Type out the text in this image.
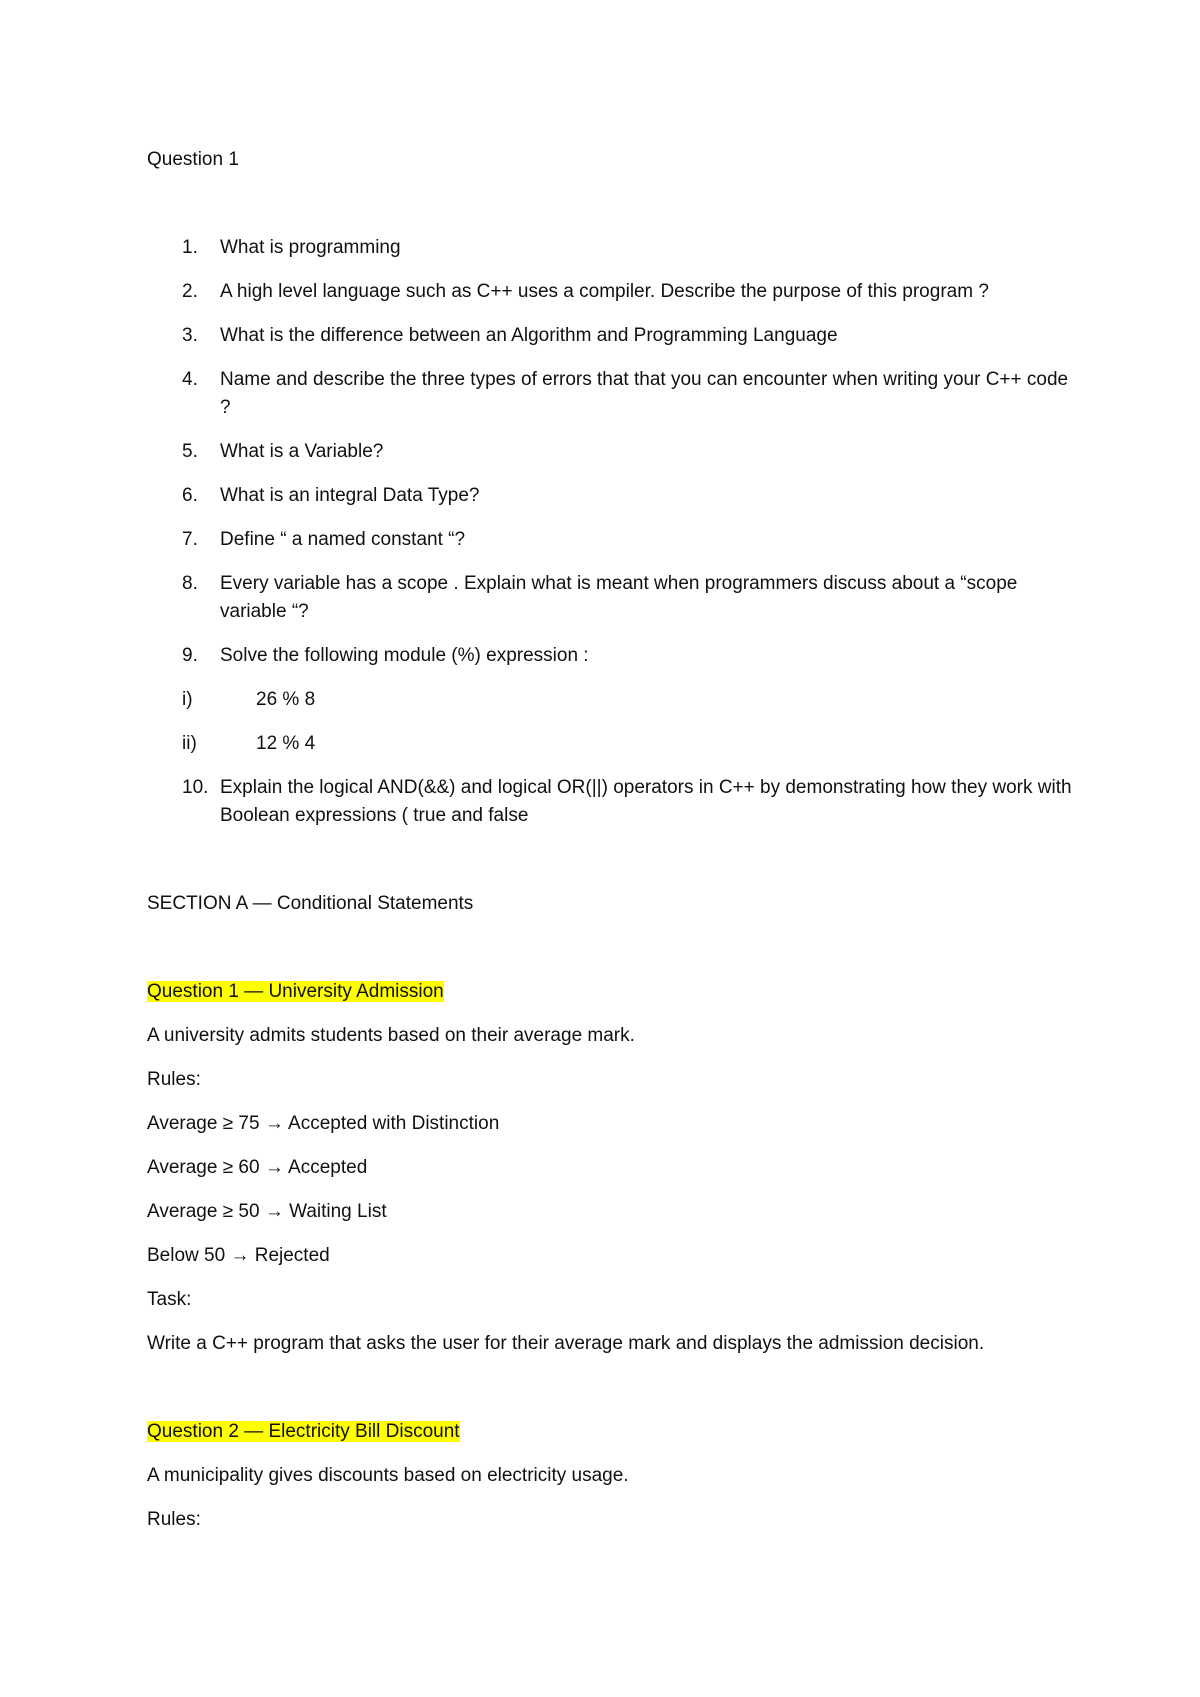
Question 1
1. What is programming
2. A high level language such as C++ uses a compiler. Describe the purpose of this program ?
3. What is the difference between an Algorithm and Programming Language
4. Name and describe the three types of errors that that you can encounter when writing your C++ code ?
5. What is a Variable?
6. What is an integral Data Type?
7. Define “ a named constant “?
8. Every variable has a scope . Explain what is meant when programmers discuss about a “scope variable “?
9. Solve the following module (%) expression :
i)	26 % 8
ii)	12 % 4
10. Explain the logical AND(&&) and logical OR(||) operators in C++ by demonstrating how they work with Boolean expressions ( true and false
SECTION A — Conditional Statements
Question 1 — University Admission
A university admits students based on their average mark.
Rules:
Average ≥ 75 → Accepted with Distinction
Average ≥ 60 → Accepted
Average ≥ 50 → Waiting List
Below 50 → Rejected
Task:
Write a C++ program that asks the user for their average mark and displays the admission decision.
Question 2 — Electricity Bill Discount
A municipality gives discounts based on electricity usage.
Rules:
